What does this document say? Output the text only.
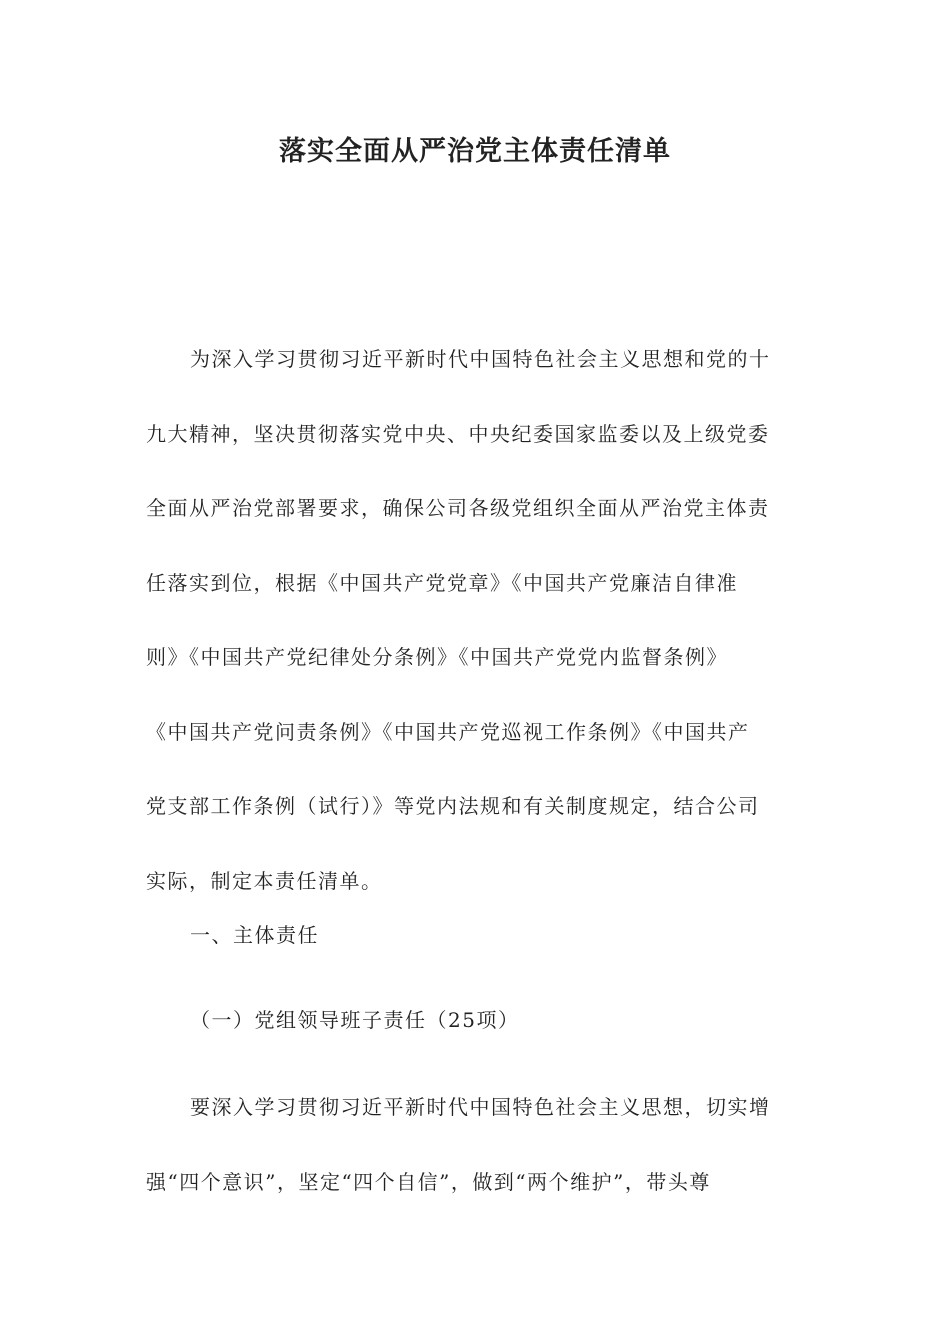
落实全面从严治党主体责任清单
为深入学习贯彻习近平新时代中国特色社会主义思想和党的十
九大精神，坚决贯彻落实党中央、中央纪委国家监委以及上级党委
全面从严治党部署要求，确保公司各级党组织全面从严治党主体责
任落实到位，根据《中国共产党党章》《中国共产党廉洁自律准
则》《中国共产党纪律处分条例》《中国共产党党内监督条例》
《中国共产党问责条例》《中国共产党巡视工作条例》《中国共产
党支部工作条例（试行）》等党内法规和有关制度规定，结合公司
实际，制定本责任清单。
一、主体责任
（一）党组领导班子责任（25项）
要深入学习贯彻习近平新时代中国特色社会主义思想，切实增
强“四个意识”，坚定“四个自信”，做到“两个维护”，带头尊
